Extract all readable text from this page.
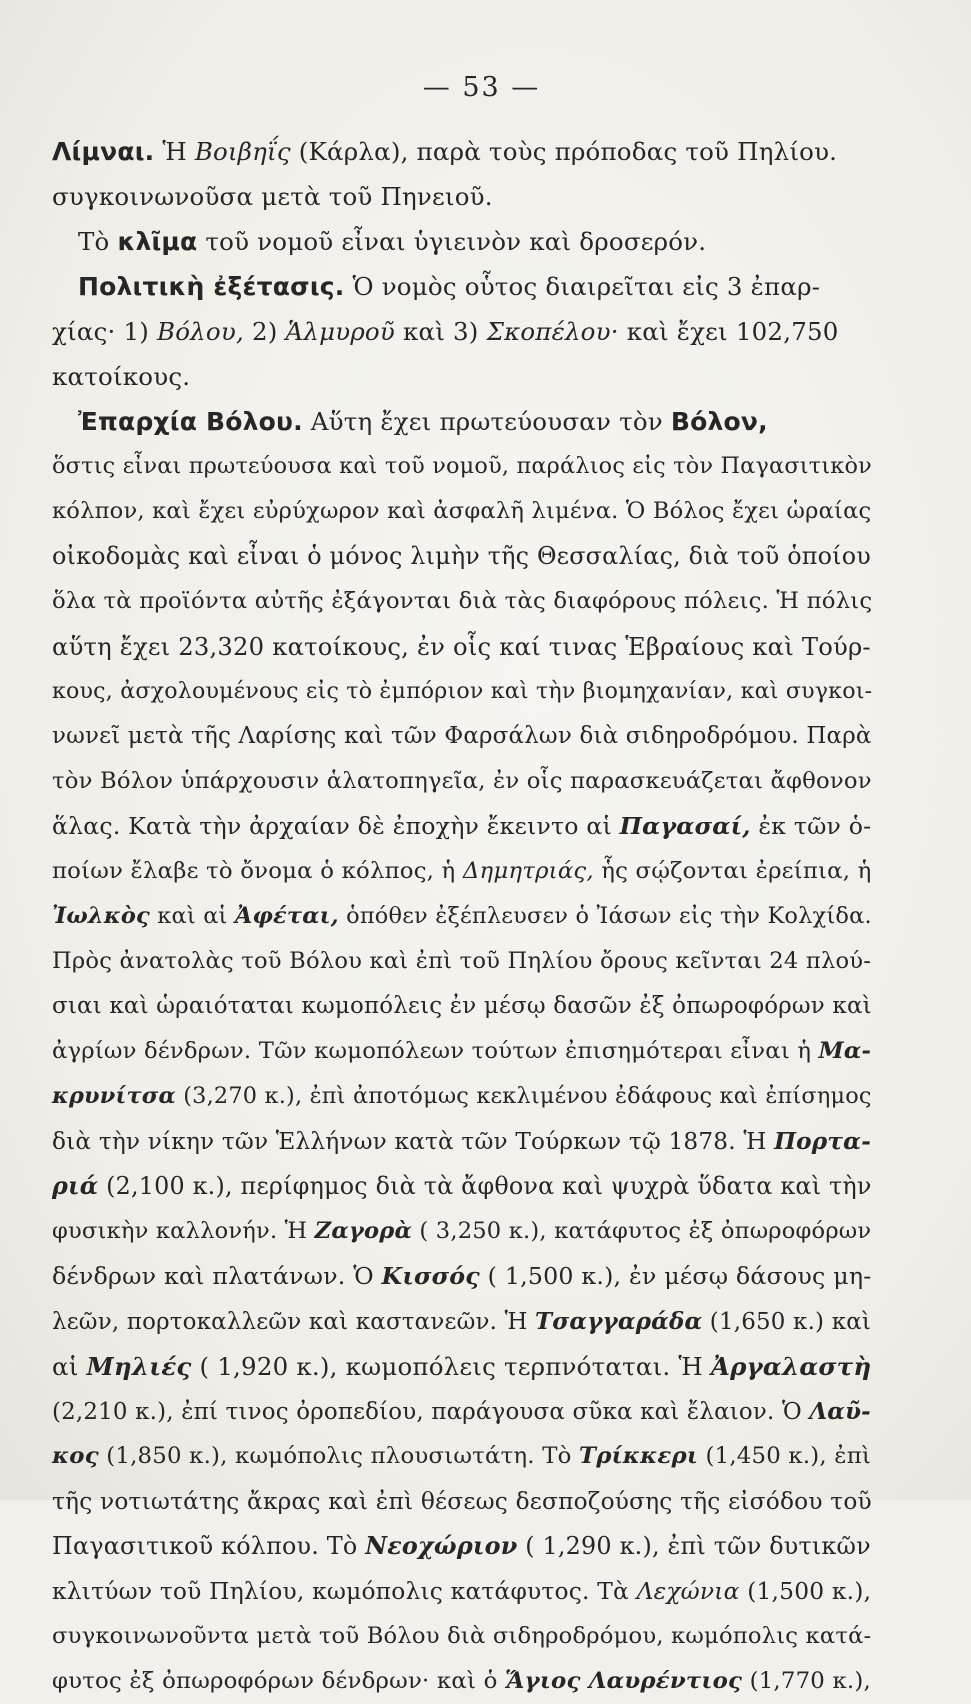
— 53 —
Λίμναι. Ἡ Βοιβηΐς (Κάρλα), παρὰ τοὺς πρόποδας τοῦ Πηλίου.
συγκοινωνοῦσα μετὰ τοῦ Πηνειοῦ.
Τὸ κλῖμα τοῦ νομοῦ εἶναι ὑγιεινὸν καὶ δροσερόν.
Πολιτικὴ ἐξέτασις. Ὁ νομὸς οὗτος διαιρεῖται εἰς 3 ἐπαρ-
χίας· 1) Βόλου, 2) Ἁλμυροῦ καὶ 3) Σκοπέλου· καὶ ἔχει 102,750
κατοίκους.
Ἐπαρχία Βόλου. Αὕτη ἔχει πρωτεύουσαν τὸν Βόλον,
ὅστις εἶναι πρωτεύουσα καὶ τοῦ νομοῦ, παράλιος εἰς τὸν Παγασιτικὸν
κόλπον, καὶ ἔχει εὐρύχωρον καὶ ἀσφαλῆ λιμένα. Ὁ Βόλος ἔχει ὡραίας
οἰκοδομὰς καὶ εἶναι ὁ μόνος λιμὴν τῆς Θεσσαλίας, διὰ τοῦ ὁποίου
ὅλα τὰ προϊόντα αὐτῆς ἐξάγονται διὰ τὰς διαφόρους πόλεις. Ἡ πόλις
αὕτη ἔχει 23,320 κατοίκους, ἐν οἷς καί τινας Ἑβραίους καὶ Τούρ-
κους, ἀσχολουμένους εἰς τὸ ἐμπόριον καὶ τὴν βιομηχανίαν, καὶ συγκοι-
νωνεῖ μετὰ τῆς Λαρίσης καὶ τῶν Φαρσάλων διὰ σιδηροδρόμου. Παρὰ
τὸν Βόλον ὑπάρχουσιν ἁλατοπηγεῖα, ἐν οἷς παρασκευάζεται ἄφθονον
ἅλας. Κατὰ τὴν ἀρχαίαν δὲ ἐποχὴν ἔκειντο αἱ Παγασαί, ἐκ τῶν ὁ-
ποίων ἔλαβε τὸ ὄνομα ὁ κόλπος, ἡ Δημητριάς, ἧς σῴζονται ἐρείπια, ἡ
Ἰωλκὸς καὶ αἱ Ἀφέται, ὁπόθεν ἐξέπλευσεν ὁ Ἰάσων εἰς τὴν Κολχίδα.
Πρὸς ἀνατολὰς τοῦ Βόλου καὶ ἐπὶ τοῦ Πηλίου ὄρους κεῖνται 24 πλού-
σιαι καὶ ὡραιόταται κωμοπόλεις ἐν μέσῳ δασῶν ἐξ ὀπωροφόρων καὶ
ἀγρίων δένδρων. Τῶν κωμοπόλεων τούτων ἐπισημότεραι εἶναι ἡ Μα-
κρυνίτσα (3,270 κ.), ἐπὶ ἀποτόμως κεκλιμένου ἐδάφους καὶ ἐπίσημος
διὰ τὴν νίκην τῶν Ἑλλήνων κατὰ τῶν Τούρκων τῷ 1878. Ἡ Πορτα-
ριά (2,100 κ.), περίφημος διὰ τὰ ἄφθονα καὶ ψυχρὰ ὕδατα καὶ τὴν
φυσικὴν καλλονήν. Ἡ Ζαγορὰ ( 3,250 κ.), κατάφυτος ἐξ ὀπωροφόρων
δένδρων καὶ πλατάνων. Ὁ Κισσός ( 1,500 κ.), ἐν μέσῳ δάσους μη-
λεῶν, πορτοκαλλεῶν καὶ καστανεῶν. Ἡ Τσαγγαράδα (1,650 κ.) καὶ
αἱ Μηλιές ( 1,920 κ.), κωμοπόλεις τερπνόταται. Ἡ Ἀργαλαστὴ
(2,210 κ.), ἐπί τινος ὀροπεδίου, παράγουσα σῦκα καὶ ἔλαιον. Ὁ Λαῦ-
κος (1,850 κ.), κωμόπολις πλουσιωτάτη. Τὸ Τρίκκερι (1,450 κ.), ἐπὶ
τῆς νοτιωτάτης ἄκρας καὶ ἐπὶ θέσεως δεσποζούσης τῆς εἰσόδου τοῦ
Παγασιτικοῦ κόλπου. Τὸ Νεοχώριον ( 1,290 κ.), ἐπὶ τῶν δυτικῶν
κλιτύων τοῦ Πηλίου, κωμόπολις κατάφυτος. Τὰ Λεχώνια (1,500 κ.),
συγκοινωνοῦντα μετὰ τοῦ Βόλου διὰ σιδηροδρόμου, κωμόπολις κατά-
φυτος ἐξ ὀπωροφόρων δένδρων· καὶ ὁ Ἅγιος Λαυρέντιος (1,770 κ.),
